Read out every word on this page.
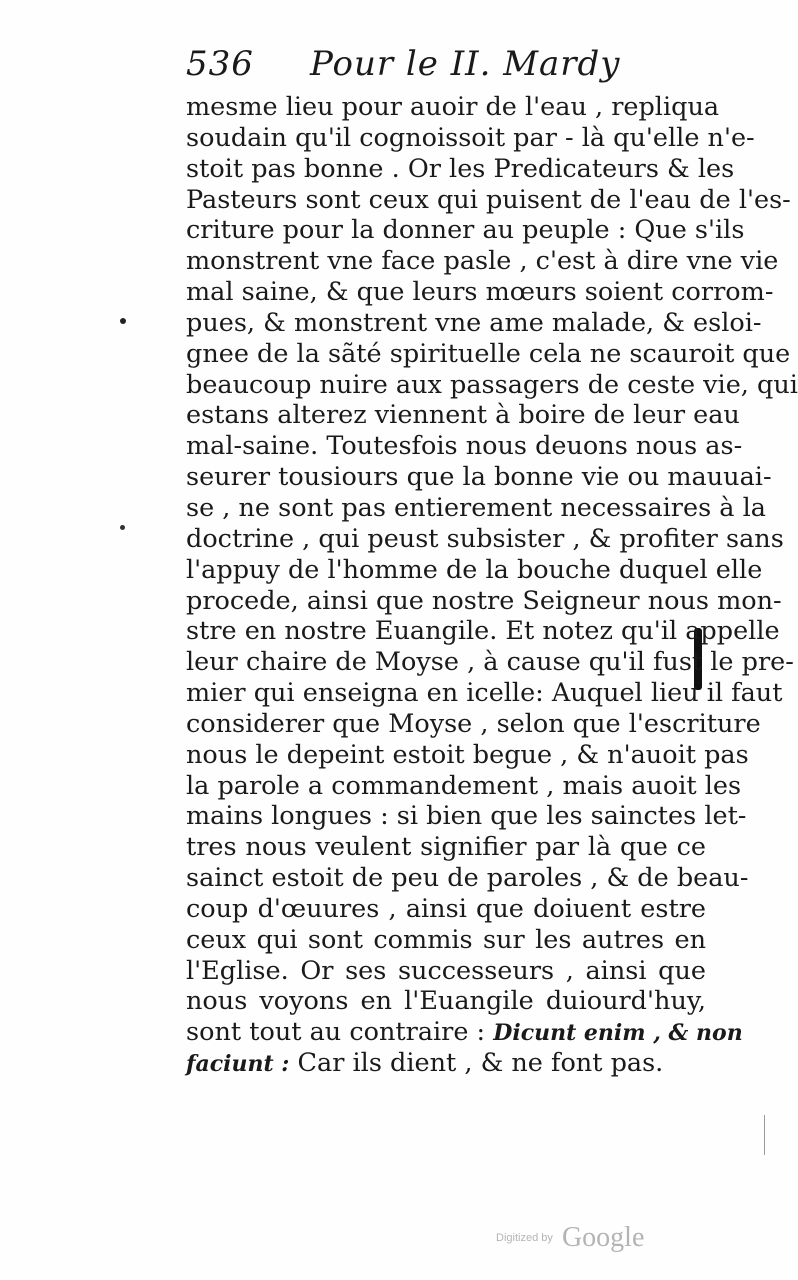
536 Pour le II. Mardy
mesme lieu pour auoir de l'eau , repliqua
soudain qu'il cognoissoit par - là qu'elle n'e-
stoit pas bonne . Or les Predicateurs & les
Pasteurs sont ceux qui puisent de l'eau de l'es-
criture pour la donner au peuple : Que s'ils
monstrent vne face pasle , c'est à dire vne vie
mal saine, & que leurs mœurs soient corrom-
pues, & monstrent vne ame malade, & esloi-
gnee de la sãté spirituelle cela ne scauroit que
beaucoup nuire aux passagers de ceste vie, qui
estans alterez viennent à boire de leur eau
mal-saine. Toutesfois nous deuons nous as-
seurer tousiours que la bonne vie ou mauuai-
se , ne sont pas entierement necessaires à la
doctrine , qui peust subsister , & profiter sans
l'appuy de l'homme de la bouche duquel elle
procede, ainsi que nostre Seigneur nous mon-
stre en nostre Euangile. Et notez qu'il appelle
leur chaire de Moyse , à cause qu'il fust le pre-
mier qui enseigna en icelle: Auquel lieu il faut
considerer que Moyse , selon que l'escriture
nous le depeint estoit begue , & n'auoit pas
la parole a commandement , mais auoit les
mains longues : si bien que les sainctes let-
tres nous veulent signifier par là que ce
sainct estoit de peu de paroles , & de beau-
coup d'œuures , ainsi que doiuent estre
ceux qui sont commis sur les autres en
l'Eglise. Or ses successeurs , ainsi que
nous voyons en l'Euangile duiourd'huy,
sont tout au contraire : Dicunt enim , & non
faciunt : Car ils dient , & ne font pas.
Digitized by Google
